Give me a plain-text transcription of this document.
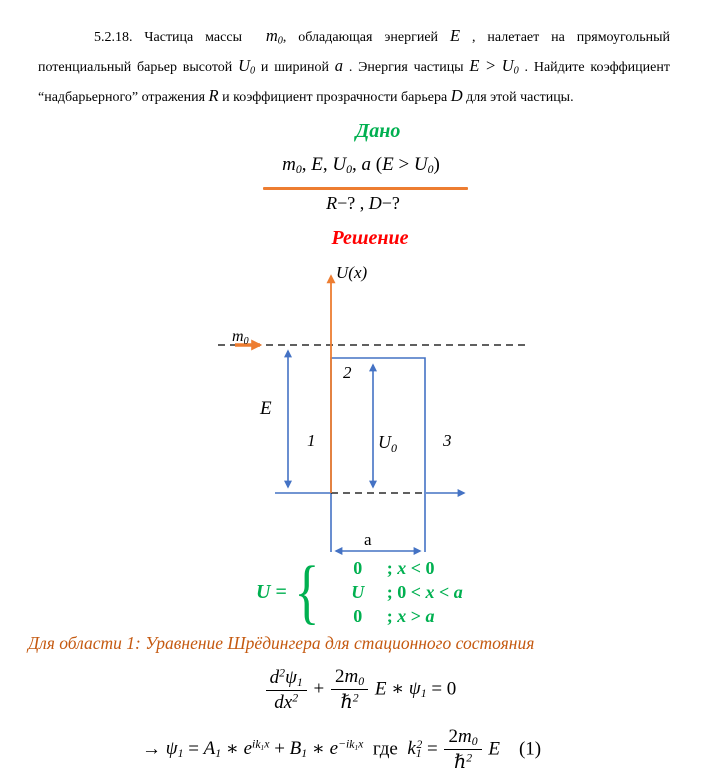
5.2.18. Частица массы  $m_0$, обладающая энергией E , налетает на прямоугольный
потенциальный барьер высотой $U_0$ и шириной a . Энергия частицы $E > U_0$ . Найдите коэффициент
“надбарьерного” отражения R и коэффициент прозрачности барьера D для этой частицы.
Дано
$m_0$, E, $U_0$, a $(E > U_0)$
R−? , D−?
Решение
U(x)
m0
E
$U_0$
1
2
3
a
U = {	0	; x < 0
U	; 0 < x < a
0	; x > a
Для области 1: Уравнение Шрёдингера для стационного состояния
$\frac{d^2\psi_1}{dx^2} + \frac{2m_0}{\hbar^2}$ E ∗ $\psi_1 = 0$
→ $\psi_1 = A_1$ ∗ $e^{ik_1x} + B_1$ ∗ $e^{-ik_1x}$  где  $k_1^2 = \frac{2m_0}{\hbar^2}$ E    (1)
